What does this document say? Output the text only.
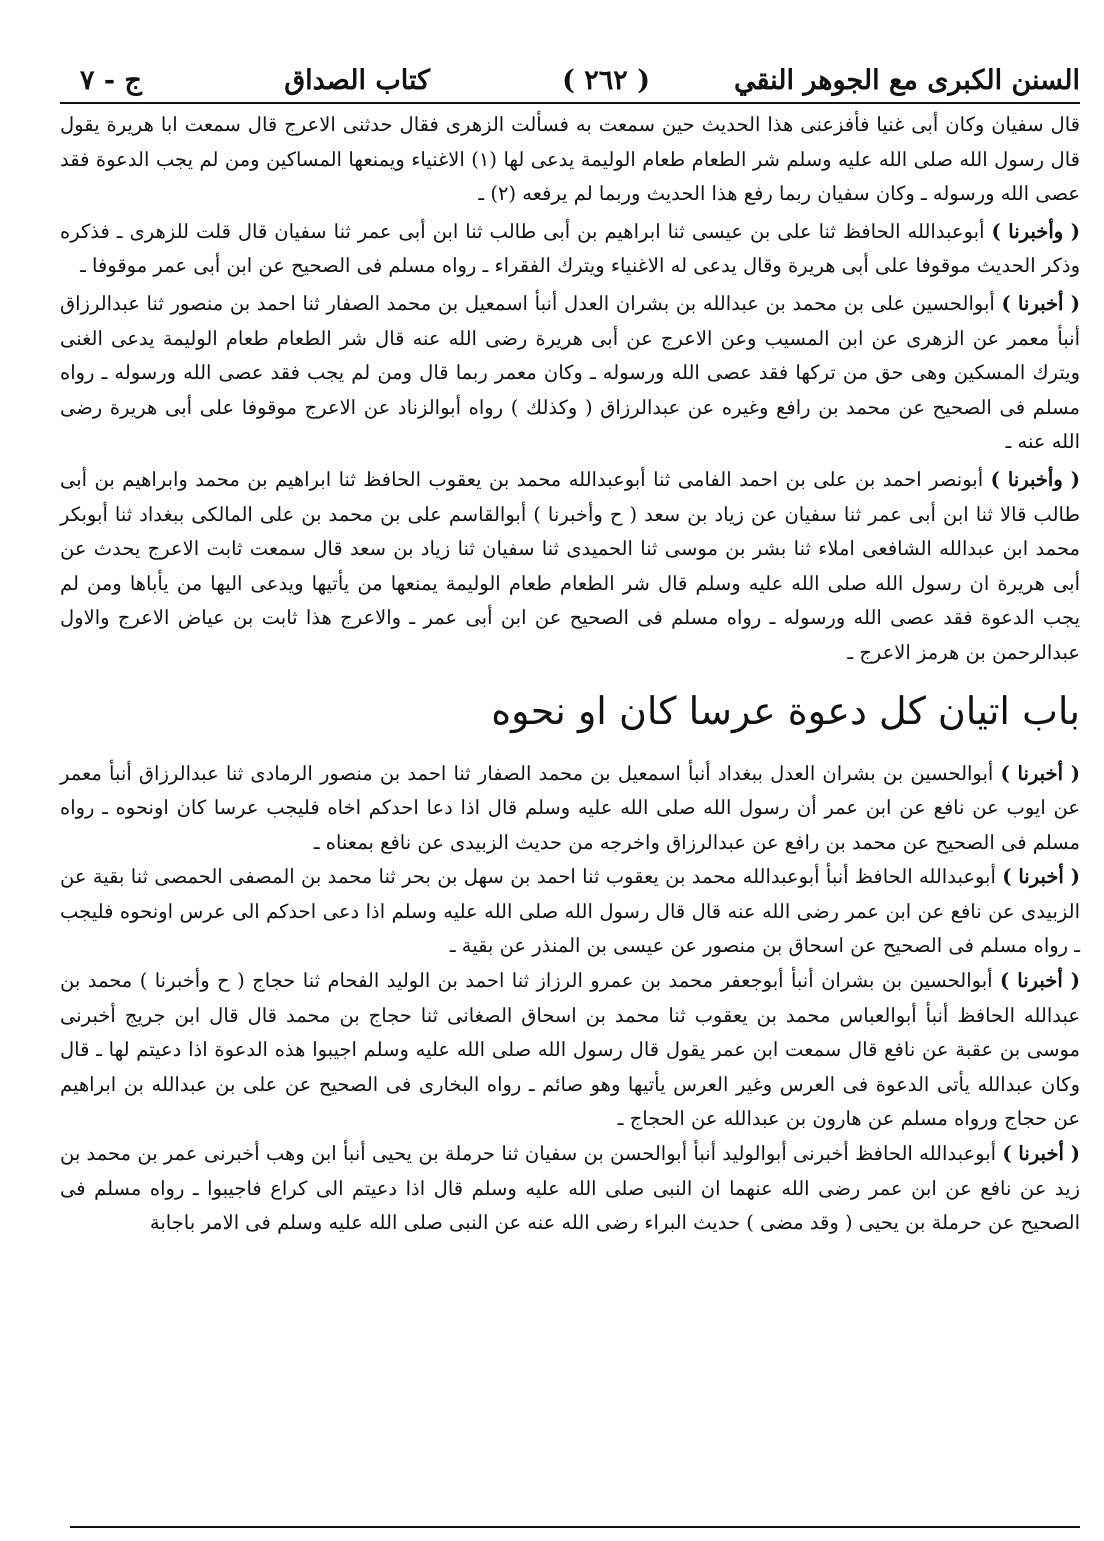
السنن الكبرى مع الجوهر النقي
( ٢٦٢ )
كتاب الصداق
ج - ٧

قال سفيان وكان أبى غنيا فأفزعنى هذا الحديث حين سمعت به فسألت الزهرى فقال حدثنى الاعرج قال سمعت ابا هريرة يقول قال رسول الله صلى الله عليه وسلم شر الطعام طعام الوليمة يدعى لها (١) الاغنياء ويمنعها المساكين ومن لم يجب الدعوة فقد عصى الله ورسوله ـ وكان سفيان ربما رفع هذا الحديث وربما لم يرفعه (٢) ـ

( وأخبرنا ) أبوعبدالله الحافظ ثنا على بن عيسى ثنا ابراهيم بن أبى طالب ثنا ابن أبى عمر ثنا سفيان قال قلت للزهرى ـ فذكره وذكر الحديث موقوفا على أبى هريرة وقال يدعى له الاغنياء ويترك الفقراء ـ رواه مسلم فى الصحيح عن ابن أبى عمر موقوفا ـ

( أخبرنا ) أبوالحسين على بن محمد بن عبدالله بن بشران العدل أنبأ اسمعيل بن محمد الصفار ثنا احمد بن منصور ثنا عبدالرزاق أنبأ معمر عن الزهرى عن ابن المسيب وعن الاعرج عن أبى هريرة رضى الله عنه قال شر الطعام طعام الوليمة يدعى الغنى ويترك المسكين وهى حق من تركها فقد عصى الله ورسوله ـ وكان معمر ربما قال ومن لم يجب فقد عصى الله ورسوله ـ رواه مسلم فى الصحيح عن محمد بن رافع وغيره عن عبدالرزاق ( وكذلك ) رواه أبوالزناد عن الاعرج موقوفا على أبى هريرة رضى الله عنه ـ

( وأخبرنا ) أبونصر احمد بن على بن احمد الفامى ثنا أبوعبدالله محمد بن يعقوب الحافظ ثنا ابراهيم بن محمد وابراهيم بن أبى طالب قالا ثنا ابن أبى عمر ثنا سفيان عن زياد بن سعد ( ح وأخبرنا ) أبوالقاسم على بن محمد بن على المالكى ببغداد ثنا أبوبكر محمد ابن عبدالله الشافعى املاء ثنا بشر بن موسى ثنا الحميدى ثنا سفيان ثنا زياد بن سعد قال سمعت ثابت الاعرج يحدث عن أبى هريرة ان رسول الله صلى الله عليه وسلم قال شر الطعام طعام الوليمة يمنعها من يأتيها ويدعى اليها من يأباها ومن لم يجب الدعوة فقد عصى الله ورسوله ـ رواه مسلم فى الصحيح عن ابن أبى عمر ـ والاعرج هذا ثابت بن عياض الاعرج والاول عبدالرحمن بن هرمز الاعرج ـ

باب اتيان كل دعوة عرسا كان او نحوه

( أخبرنا ) أبوالحسين بن بشران العدل ببغداد أنبأ اسمعيل بن محمد الصفار ثنا احمد بن منصور الرمادى ثنا عبدالرزاق أنبأ معمر عن ايوب عن نافع عن ابن عمر أن رسول الله صلى الله عليه وسلم قال اذا دعا احدكم اخاه فليجب عرسا كان اونحوه ـ رواه مسلم فى الصحيح عن محمد بن رافع عن عبدالرزاق واخرجه من حديث الزبيدى عن نافع بمعناه ـ

( أخبرنا ) أبوعبدالله الحافظ أنبأ أبوعبدالله محمد بن يعقوب ثنا احمد بن سهل بن بحر ثنا محمد بن المصفى الحمصى ثنا بقية عن الزبيدى عن نافع عن ابن عمر رضى الله عنه قال قال رسول الله صلى الله عليه وسلم اذا دعى احدكم الى عرس اونحوه فليجب ـ رواه مسلم فى الصحيح عن اسحاق بن منصور عن عيسى بن المنذر عن بقية ـ

( أخبرنا ) أبوالحسين بن بشران أنبأ أبوجعفر محمد بن عمرو الرزاز ثنا احمد بن الوليد الفحام ثنا حجاج ( ح وأخبرنا ) محمد بن عبدالله الحافظ أنبأ أبوالعباس محمد بن يعقوب ثنا محمد بن اسحاق الصغانى ثنا حجاج بن محمد قال قال ابن جريج أخبرنى موسى بن عقبة عن نافع قال سمعت ابن عمر يقول قال رسول الله صلى الله عليه وسلم اجيبوا هذه الدعوة اذا دعيتم لها ـ قال وكان عبدالله يأتى الدعوة فى العرس وغير العرس يأتيها وهو صائم ـ رواه البخارى فى الصحيح عن على بن عبدالله بن ابراهيم عن حجاج ورواه مسلم عن هارون بن عبدالله عن الحجاج ـ

( أخبرنا ) أبوعبدالله الحافظ أخبرنى أبوالوليد أنبأ أبوالحسن بن سفيان ثنا حرملة بن يحيى أنبأ ابن وهب أخبرنى عمر بن محمد بن زيد عن نافع عن ابن عمر رضى الله عنهما ان النبى صلى الله عليه وسلم قال اذا دعيتم الى كراع فاجيبوا ـ رواه مسلم فى الصحيح عن حرملة بن يحيى ( وقد مضى ) حديث البراء رضى الله عنه عن النبى صلى الله عليه وسلم فى الامر باجابة
